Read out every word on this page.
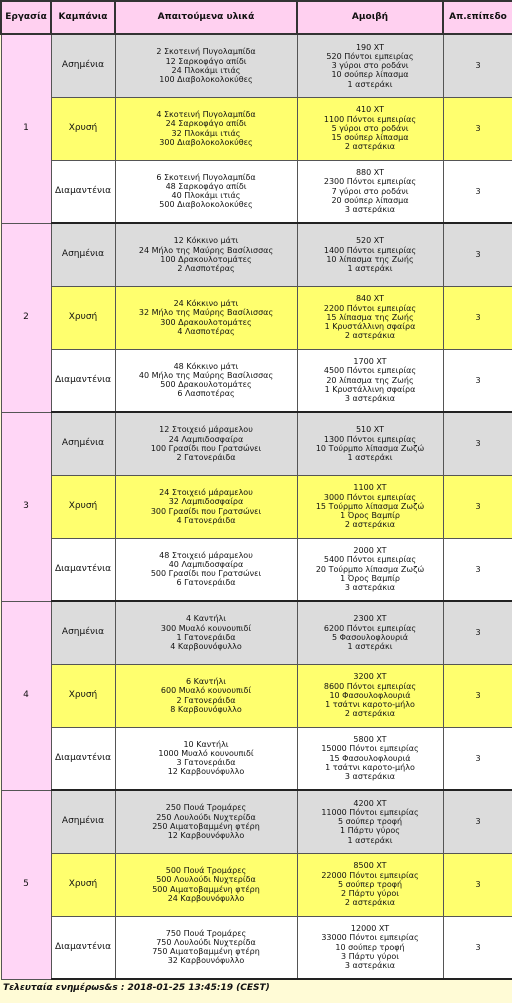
Εργασία	Καμπάνια	Απαιτούμενα υλικά	Αμοιβή	Απ.επίπεδο
1	Ασημένια	2 Σκοτεινή Πυγολαμπίδα
12 Σαρκοφάγο απίδι
24 Πλοκάμι ιτιάς
100 Διαβολοκολοκύθες	190 XT
520 Πόντοι εμπειρίας
3 γύροι στο ροδάνι
10 σούπερ λίπασμα
1 αστεράκι	3
	Χρυσή	4 Σκοτεινή Πυγολαμπίδα
24 Σαρκοφάγο απίδι
32 Πλοκάμι ιτιάς
300 Διαβολοκολοκύθες	410 XT
1100 Πόντοι εμπειρίας
5 γύροι στο ροδάνι
15 σούπερ λίπασμα
2 αστεράκια	3
	Διαμαντένια	6 Σκοτεινή Πυγολαμπίδα
48 Σαρκοφάγο απίδι
40 Πλοκάμι ιτιάς
500 Διαβολοκολοκύθες	880 XT
2300 Πόντοι εμπειρίας
7 γύροι στο ροδάνι
20 σούπερ λίπασμα
3 αστεράκια	3
2	Ασημένια	12 Κόκκινο μάτι
24 Μήλο της Μαύρης Βασίλισσας
100 Δρακουλοτομάτες
2 Λασποτέρας	520 XT
1400 Πόντοι εμπειρίας
10 λίπασμα της Ζωής
1 αστεράκι	3
	Χρυσή	24 Κόκκινο μάτι
32 Μήλο της Μαύρης Βασίλισσας
300 Δρακουλοτομάτες
4 Λασποτέρας	840 XT
2200 Πόντοι εμπειρίας
15 λίπασμα της Ζωής
1 Κρυστάλλινη σφαίρα
2 αστεράκια	3
	Διαμαντένια	48 Κόκκινο μάτι
40 Μήλο της Μαύρης Βασίλισσας
500 Δρακουλοτομάτες
6 Λασποτέρας	1700 XT
4500 Πόντοι εμπειρίας
20 λίπασμα της Ζωής
1 Κρυστάλλινη σφαίρα
3 αστεράκια	3
3	Ασημένια	12 Στοιχειό μάραμελου
24 Λαμπιδοσφαίρα
100 Γρασίδι που Γρατσώνει
2 Γατονεράιδα	510 XT
1300 Πόντοι εμπειρίας
10 Τούρμπο λίπασμα Ζωζώ
1 αστεράκι	3
	Χρυσή	24 Στοιχειό μάραμελου
32 Λαμπιδοσφαίρα
300 Γρασίδι που Γρατσώνει
4 Γατονεράιδα	1100 XT
3000 Πόντοι εμπειρίας
15 Τούρμπο λίπασμα Ζωζώ
1 Όρος Βαμπίρ
2 αστεράκια	3
	Διαμαντένια	48 Στοιχειό μάραμελου
40 Λαμπιδοσφαίρα
500 Γρασίδι που Γρατσώνει
6 Γατονεράιδα	2000 XT
5400 Πόντοι εμπειρίας
20 Τούρμπο λίπασμα Ζωζώ
1 Όρος Βαμπίρ
3 αστεράκια	3
4	Ασημένια	4 Καντήλι
300 Μυαλό κουνουπιδί
1 Γατονεράιδα
4 Καρβουνόφυλλο	2300 XT
6200 Πόντοι εμπειρίας
5 Φασουλοφλουριά
1 αστεράκι	3
	Χρυσή	6 Καντήλι
600 Μυαλό κουνουπιδί
2 Γατονεράιδα
8 Καρβουνόφυλλο	3200 XT
8600 Πόντοι εμπειρίας
10 Φασουλοφλουριά
1 τσάτνι καροτο-μήλο
2 αστεράκια	3
	Διαμαντένια	10 Καντήλι
1000 Μυαλό κουνουπιδί
3 Γατονεράιδα
12 Καρβουνόφυλλο	5800 XT
15000 Πόντοι εμπειρίας
15 Φασουλοφλουριά
1 τσάτνι καροτο-μήλο
3 αστεράκια	3
5	Ασημένια	250 Πουά Τρομάρες
250 Λουλούδι Νυχτερίδα
250 Αιματοβαμμένη φτέρη
12 Καρβουνόφυλλο	4200 XT
11000 Πόντοι εμπειρίας
5 σούπερ τροφή
1 Πάρτυ γύρος
1 αστεράκι	3
	Χρυσή	500 Πουά Τρομάρες
500 Λουλούδι Νυχτερίδα
500 Αιματοβαμμένη φτέρη
24 Καρβουνόφυλλο	8500 XT
22000 Πόντοι εμπειρίας
5 σούπερ τροφή
2 Πάρτυ γύροι
2 αστεράκια	3
	Διαμαντένια	750 Πουά Τρομάρες
750 Λουλούδι Νυχτερίδα
750 Αιματοβαμμένη φτέρη
32 Καρβουνόφυλλο	12000 XT
33000 Πόντοι εμπειρίας
10 σούπερ τροφή
3 Πάρτυ γύροι
3 αστεράκια	3
Τελευταία ενημέρωs&s : 2018-01-25 13:45:19 (CEST)
